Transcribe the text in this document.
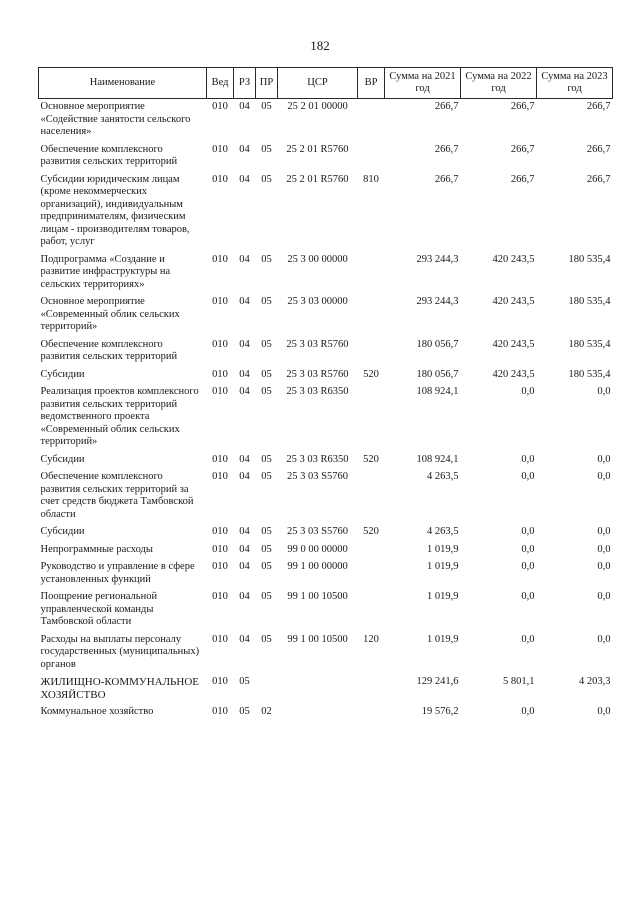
182
Наименование	Вед	РЗ	ПР	ЦСР	ВР	Сумма на 2021 год	Сумма на 2022 год	Сумма на 2023 год
Основное мероприятие «Содействие занятости сельского населения»	010	04	05	25 2 01 00000		266,7	266,7	266,7
Обеспечение комплексного развития сельских территорий	010	04	05	25 2 01 R5760		266,7	266,7	266,7
Субсидии юридическим лицам (кроме некоммерческих организаций), индивидуальным предпринимателям, физическим лицам - производителям товаров, работ, услуг	010	04	05	25 2 01 R5760	810	266,7	266,7	266,7
Подпрограмма «Создание и развитие инфраструктуры на сельских территориях»	010	04	05	25 3 00 00000		293 244,3	420 243,5	180 535,4
Основное мероприятие «Современный облик сельских территорий»	010	04	05	25 3 03 00000		293 244,3	420 243,5	180 535,4
Обеспечение комплексного развития сельских территорий	010	04	05	25 3 03 R5760		180 056,7	420 243,5	180 535,4
Субсидии	010	04	05	25 3 03 R5760	520	180 056,7	420 243,5	180 535,4
Реализация проектов комплексного развития сельских территорий ведомственного проекта «Современный облик сельских территорий»	010	04	05	25 3 03 R6350		108 924,1	0,0	0,0
Субсидии	010	04	05	25 3 03 R6350	520	108 924,1	0,0	0,0
Обеспечение комплексного развития сельских территорий за счет средств бюджета Тамбовской области	010	04	05	25 3 03 S5760		4 263,5	0,0	0,0
Субсидии	010	04	05	25 3 03 S5760	520	4 263,5	0,0	0,0
Непрограммные расходы	010	04	05	99 0 00 00000		1 019,9	0,0	0,0
Руководство и управление в сфере установленных функций	010	04	05	99 1 00 00000		1 019,9	0,0	0,0
Поощрение региональной управленческой команды Тамбовской области	010	04	05	99 1 00 10500		1 019,9	0,0	0,0
Расходы на выплаты персоналу государственных (муниципальных) органов	010	04	05	99 1 00 10500	120	1 019,9	0,0	0,0
ЖИЛИЩНО-КОММУНАЛЬНОЕ ХОЗЯЙСТВО	010	05				129 241,6	5 801,1	4 203,3
Коммунальное хозяйство	010	05	02			19 576,2	0,0	0,0
